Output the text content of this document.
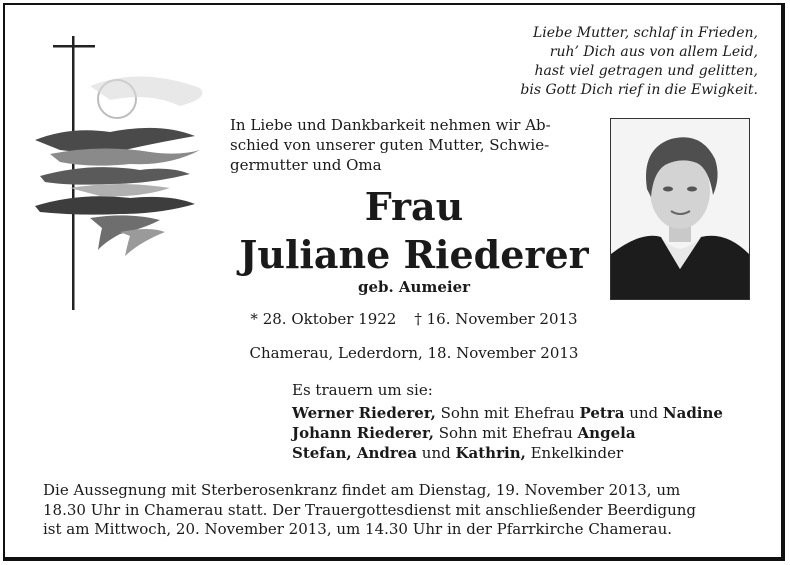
Liebe Mutter, schlaf in Frieden,
ruh’ Dich aus von allem Leid,
hast viel getragen und gelitten,
bis Gott Dich rief in die Ewigkeit.
In Liebe und Dankbarkeit nehmen wir Ab-
schied von unserer guten Mutter, Schwie-
germutter und Oma
Frau
Juliane Riederer
geb. Aumeier
* 28. Oktober 1922 † 16. November 2013
Chamerau, Lederdorn, 18. November 2013
Es trauern um sie:
Werner Riederer, Sohn mit Ehefrau Petra und Nadine
Johann Riederer, Sohn mit Ehefrau Angela
Stefan, Andrea und Kathrin, Enkelkinder
Die Aussegnung mit Sterberosenkranz findet am Dienstag, 19. November 2013, um
18.30 Uhr in Chamerau statt. Der Trauergottesdienst mit anschließender Beerdigung
ist am Mittwoch, 20. November 2013, um 14.30 Uhr in der Pfarrkirche Chamerau.
